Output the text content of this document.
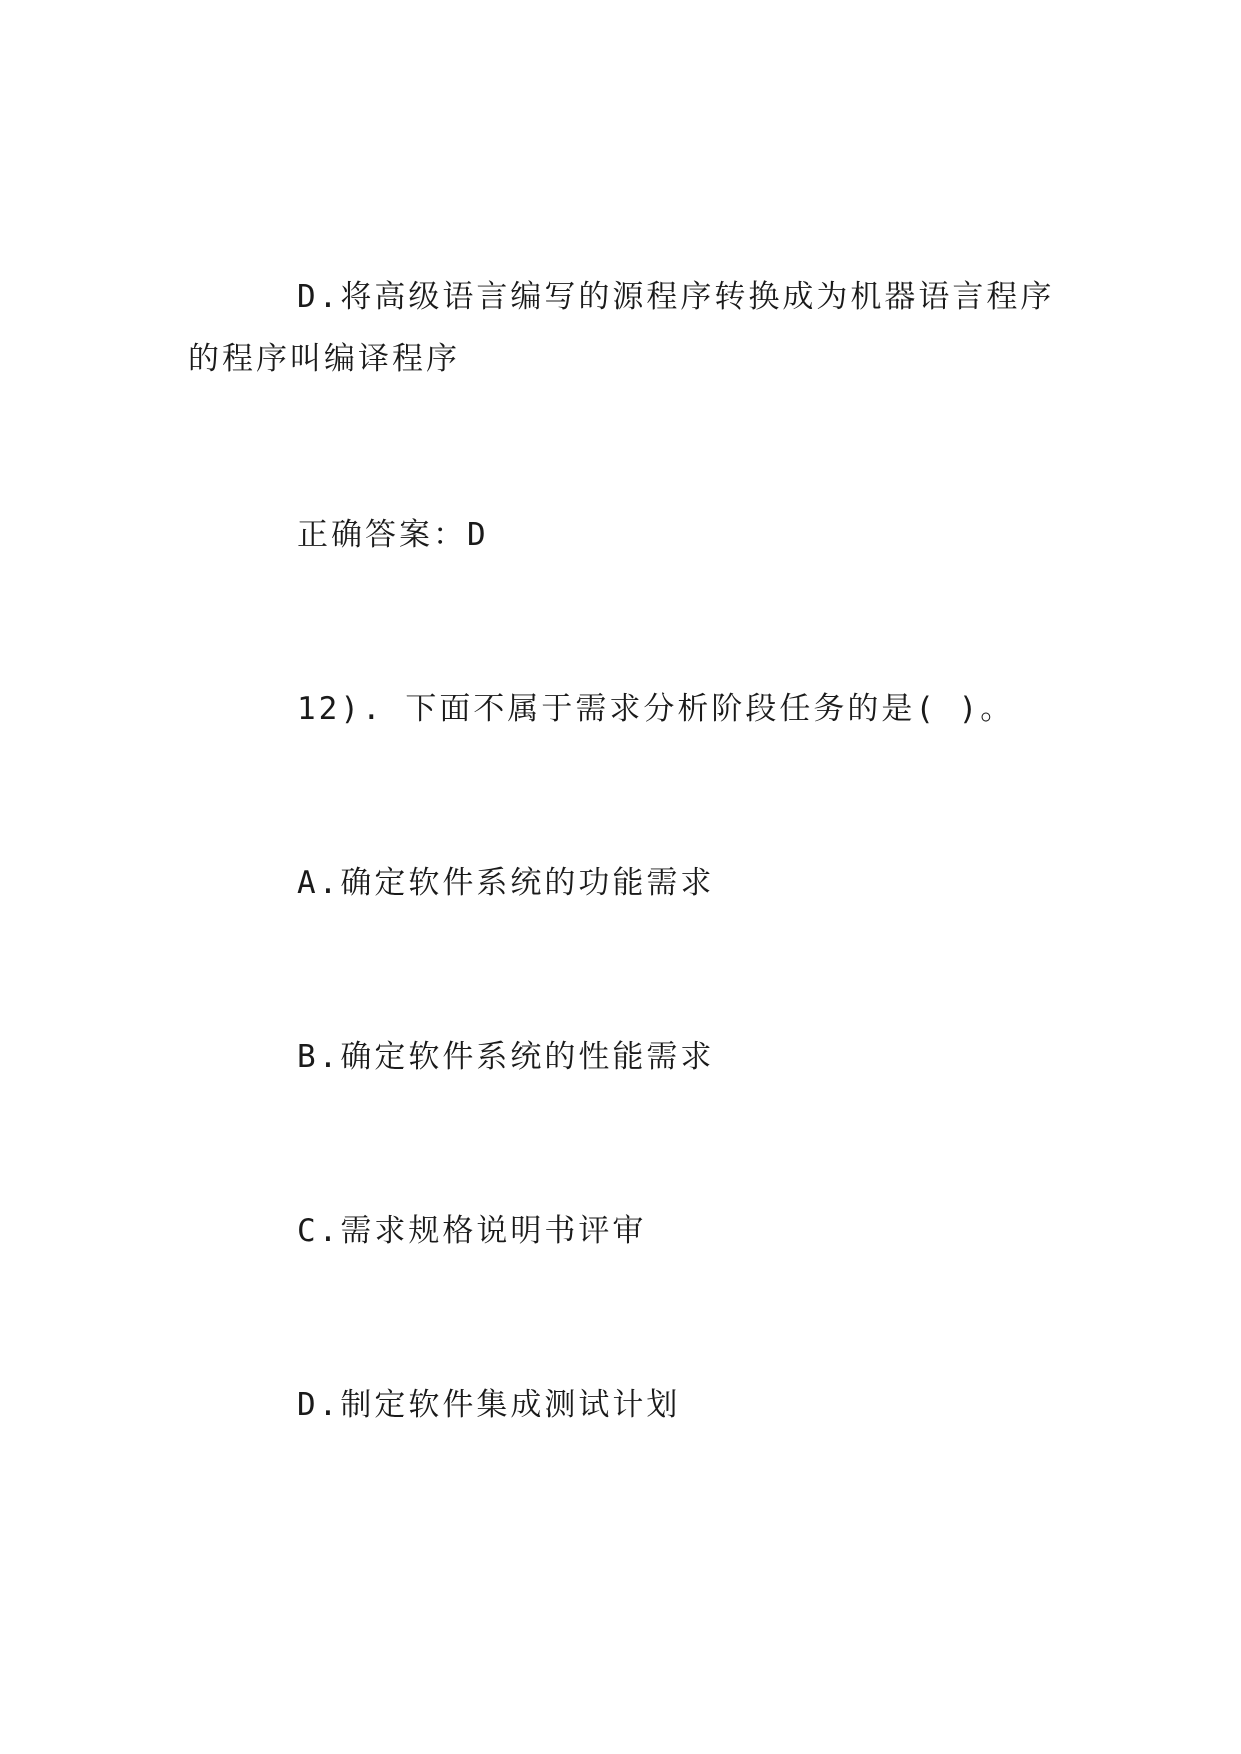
D.将高级语言编写的源程序转换成为机器语言程序

的程序叫编译程序

正确答案：D

12). 下面不属于需求分析阶段任务的是( )。

A.确定软件系统的功能需求

B.确定软件系统的性能需求

C.需求规格说明书评审

D.制定软件集成测试计划
